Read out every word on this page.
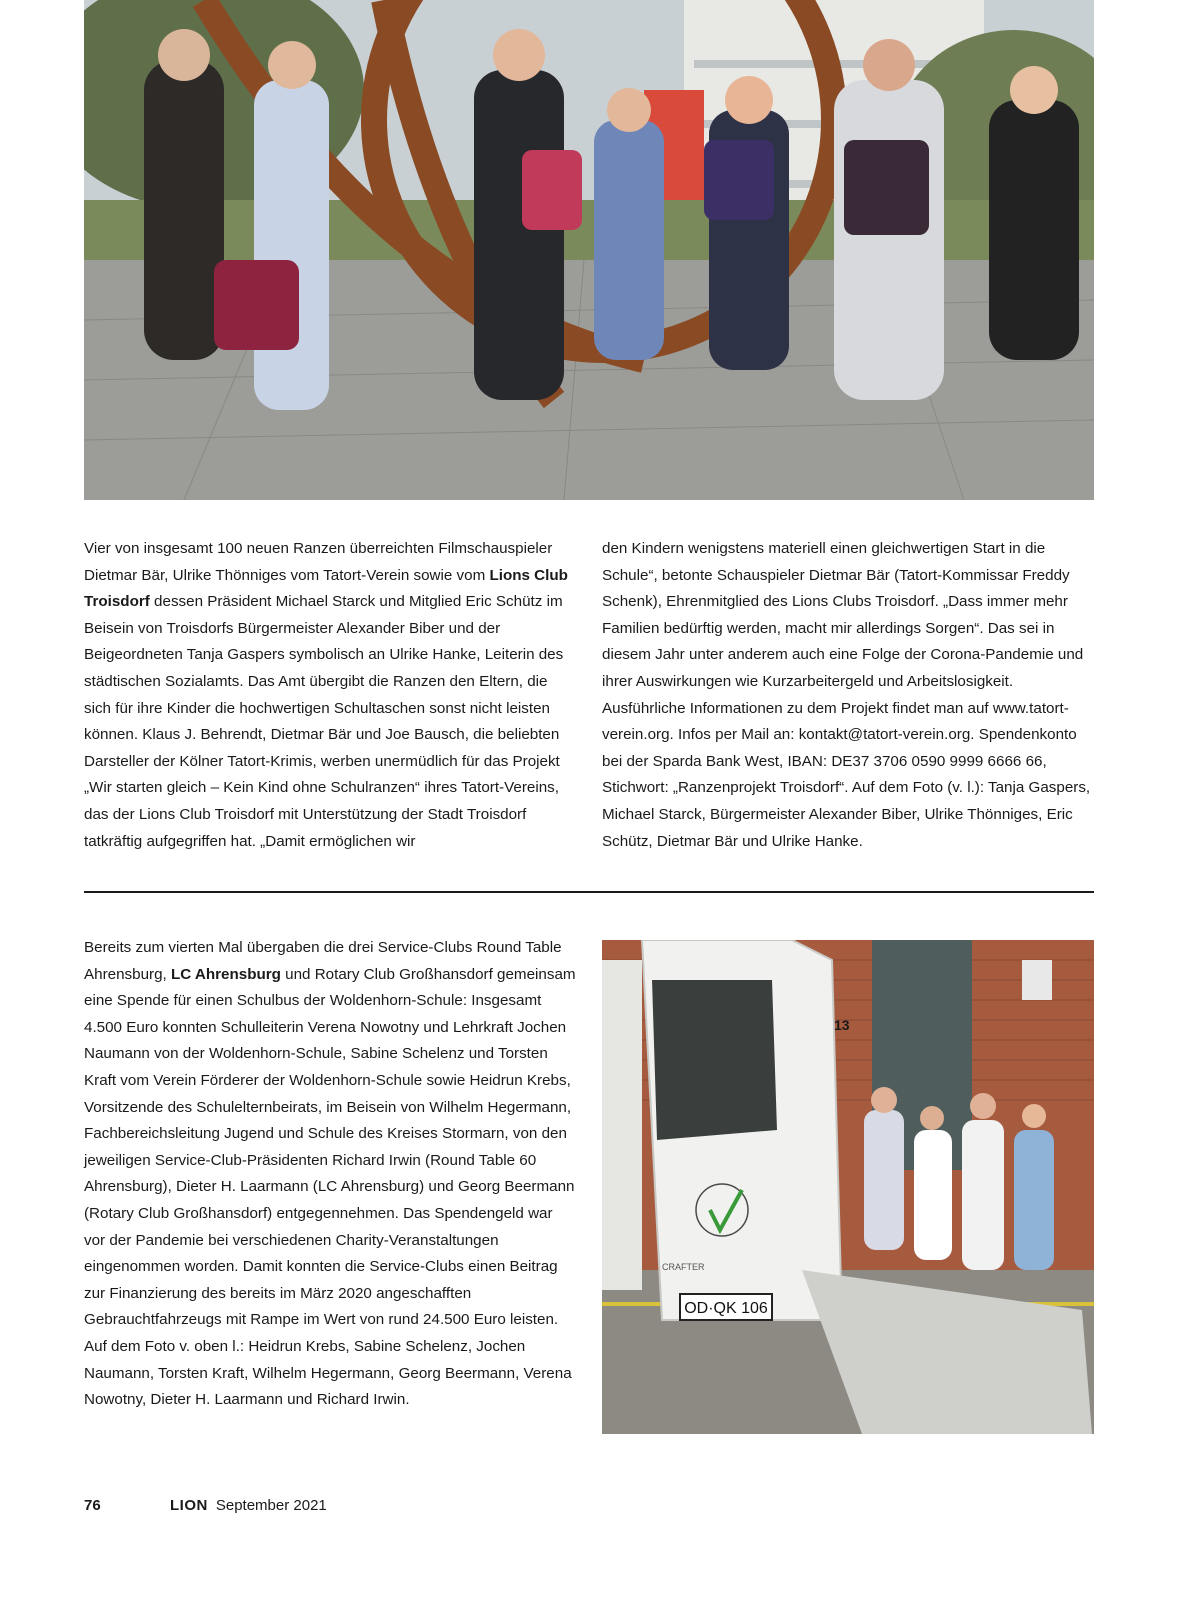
Vier von insgesamt 100 neuen Ranzen überreichten Filmschauspieler Dietmar Bär, Ulrike Thönniges vom Tatort-Verein sowie vom Lions Club Troisdorf dessen Präsident Michael Starck und Mitglied Eric Schütz im Beisein von Troisdorfs Bürgermeister Alexander Biber und der Beigeordneten Tanja Gaspers symbolisch an Ulrike Hanke, Leiterin des städtischen Sozialamts. Das Amt übergibt die Ranzen den Eltern, die sich für ihre Kinder die hochwertigen Schultaschen sonst nicht leisten können. Klaus J. Behrendt, Dietmar Bär und Joe Bausch, die beliebten Darsteller der Kölner Tatort-Krimis, werben unermüdlich für das Projekt „Wir starten gleich – Kein Kind ohne Schulranzen“ ihres Tatort-Vereins, das der Lions Club Troisdorf mit Unterstützung der Stadt Troisdorf tatkräftig aufgegriffen hat. „Damit ermöglichen wir

den Kindern wenigstens materiell einen gleichwertigen Start in die Schule“, betonte Schauspieler Dietmar Bär (Tatort-Kommissar Freddy Schenk), Ehrenmitglied des Lions Clubs Troisdorf. „Dass immer mehr Familien bedürftig werden, macht mir allerdings Sorgen“. Das sei in diesem Jahr unter anderem auch eine Folge der Corona-Pandemie und ihrer Auswirkungen wie Kurzarbeitergeld und Arbeitslosigkeit. Ausführliche Informationen zu dem Projekt findet man auf www.tatort-verein.org. Infos per Mail an: kontakt@tatort-verein.org. Spendenkonto bei der Sparda Bank West, IBAN: DE37 3706 0590 9999 6666 66, Stichwort: „Ranzenprojekt Troisdorf“. Auf dem Foto (v. l.): Tanja Gaspers, Michael Starck, Bürgermeister Alexander Biber, Ulrike Thönniges, Eric Schütz, Dietmar Bär und Ulrike Hanke.

Bereits zum vierten Mal übergaben die drei Service-Clubs Round Table Ahrensburg, LC Ahrensburg und Rotary Club Großhansdorf gemeinsam eine Spende für einen Schulbus der Woldenhorn-Schule: Insgesamt 4.500 Euro konnten Schulleiterin Verena Nowotny und Lehrkraft Jochen Naumann von der Woldenhorn-Schule, Sabine Schelenz und Torsten Kraft vom Verein Förderer der Woldenhorn-Schule sowie Heidrun Krebs, Vorsitzende des Schulelternbeirats, im Beisein von Wilhelm Hegermann, Fachbereichsleitung Jugend und Schule des Kreises Stormarn, von den jeweiligen Service-Club-Präsidenten Richard Irwin (Round Table 60 Ahrensburg), Dieter H. Laarmann (LC Ahrensburg) und Georg Beermann (Rotary Club Großhansdorf) entgegennehmen. Das Spendengeld war vor der Pandemie bei verschiedenen Charity-Veranstaltungen eingenommen worden. Damit konnten die Service-Clubs einen Beitrag zur Finanzierung des bereits im März 2020 angeschafften Gebrauchtfahrzeugs mit Rampe im Wert von rund 24.500 Euro leisten. Auf dem Foto v. oben l.: Heidrun Krebs, Sabine Schelenz, Jochen Naumann, Torsten Kraft, Wilhelm Hegermann, Georg Beermann, Verena Nowotny, Dieter H. Laarmann und Richard Irwin.

OD·QK 106
13
CRAFTER
76	LION September 2021
